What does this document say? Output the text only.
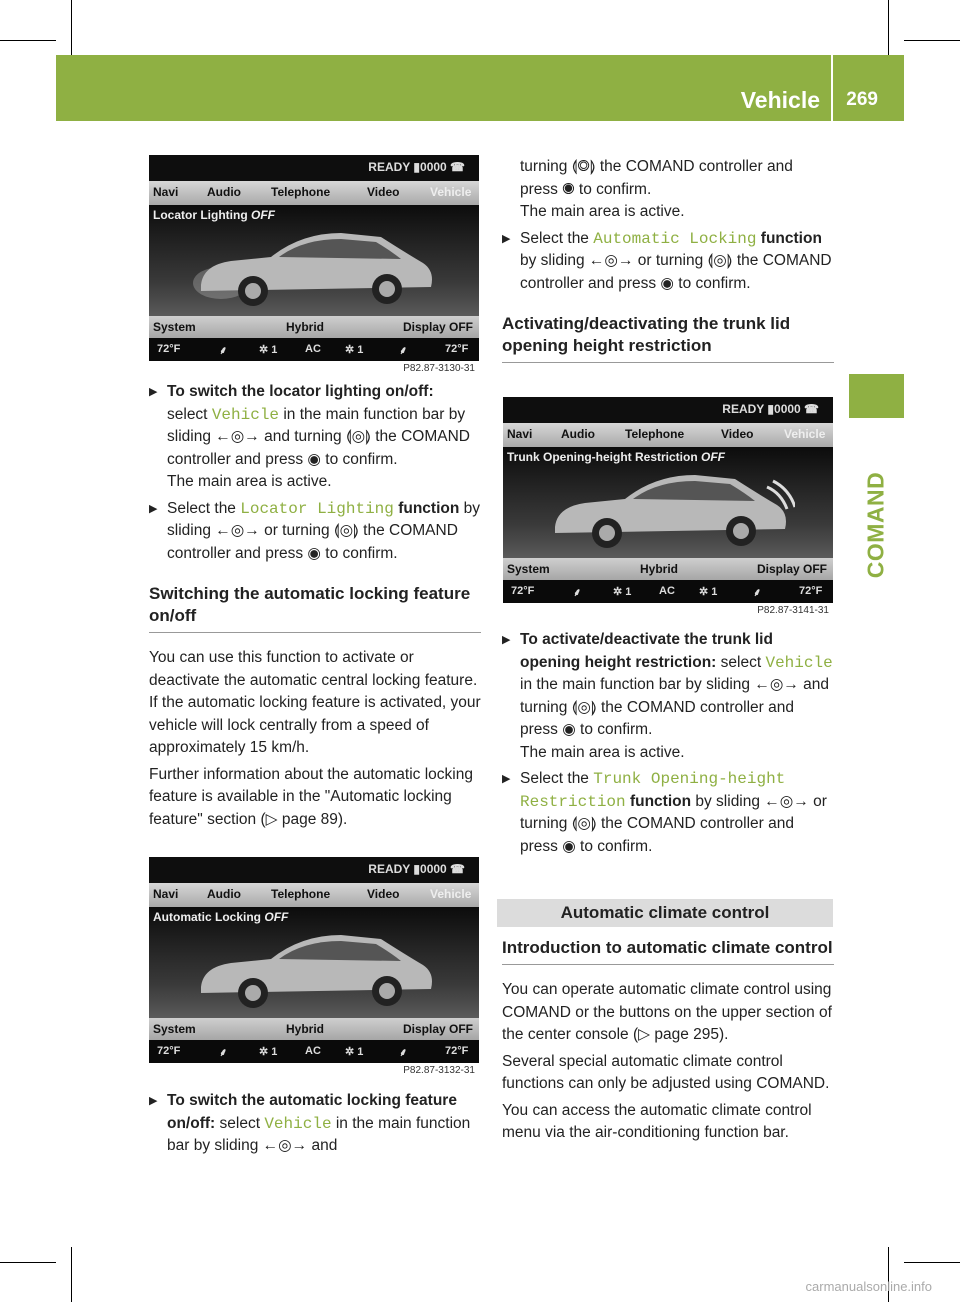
Vehicle 269
COMAND
READY ▮0000 ☎
Navi Audio	Telephone	Video	Vehicle
Locator Lighting OFF
System	Hybrid	Display OFF
72°F	⸙	✲ 1	AC ✲ 1	⸙	72°F
P82.87-3130-31
READY ▮0000 ☎
Navi Audio	Telephone	Video	Vehicle
Automatic Locking OFF
System	Hybrid	Display OFF
72°F	⸙	✲ 1	AC ✲ 1	⸙	72°F
P82.87-3132-31
READY ▮0000 ☎
Navi Audio	Telephone	Video	Vehicle
Trunk Opening-height Restriction OFF
System	Hybrid	Display OFF
72°F	⸙	✲ 1	AC ✲ 1	⸙	72°F
P82.87-3141-31

▶ To switch the locator lighting on/off:
select Vehicle in the main function bar by sliding ←◎→ and turning ⟬◎⟭ the COMAND controller and press ◉ to confirm.
The main area is active.

▶ Select the Locator Lighting function by sliding ←◎→ or turning ⟬◎⟭ the COMAND controller and press ◉ to confirm.

Switching the automatic locking feature on/off

You can use this function to activate or deactivate the automatic central locking feature. If the automatic locking feature is activated, your vehicle will lock centrally from a speed of approximately 15 km/h.

Further information about the automatic locking feature is available in the "Automatic locking feature" section (▷ page 89).

▶ To switch the automatic locking feature on/off: select Vehicle in the main function bar by sliding ←◎→ and

turning ⟬◎⟭ the COMAND controller and press ◉ to confirm.
The main area is active.

▶ Select the Automatic Locking function by sliding ←◎→ or turning ⟬◎⟭ the COMAND controller and press ◉ to confirm.

Activating/deactivating the trunk lid opening height restriction

▶ To activate/deactivate the trunk lid opening height restriction: select Vehicle in the main function bar by sliding ←◎→ and turning ⟬◎⟭ the COMAND controller and press ◉ to confirm.
The main area is active.

▶ Select the Trunk Opening-height Restriction function by sliding ←◎→ or turning ⟬◎⟭ the COMAND controller and press ◉ to confirm.

Automatic climate control

Introduction to automatic climate control

You can operate automatic climate control using COMAND or the buttons on the upper section of the center console (▷ page 295).

Several special automatic climate control functions can only be adjusted using COMAND.

You can access the automatic climate control menu via the air-conditioning function bar.

carmanualsonline.info
